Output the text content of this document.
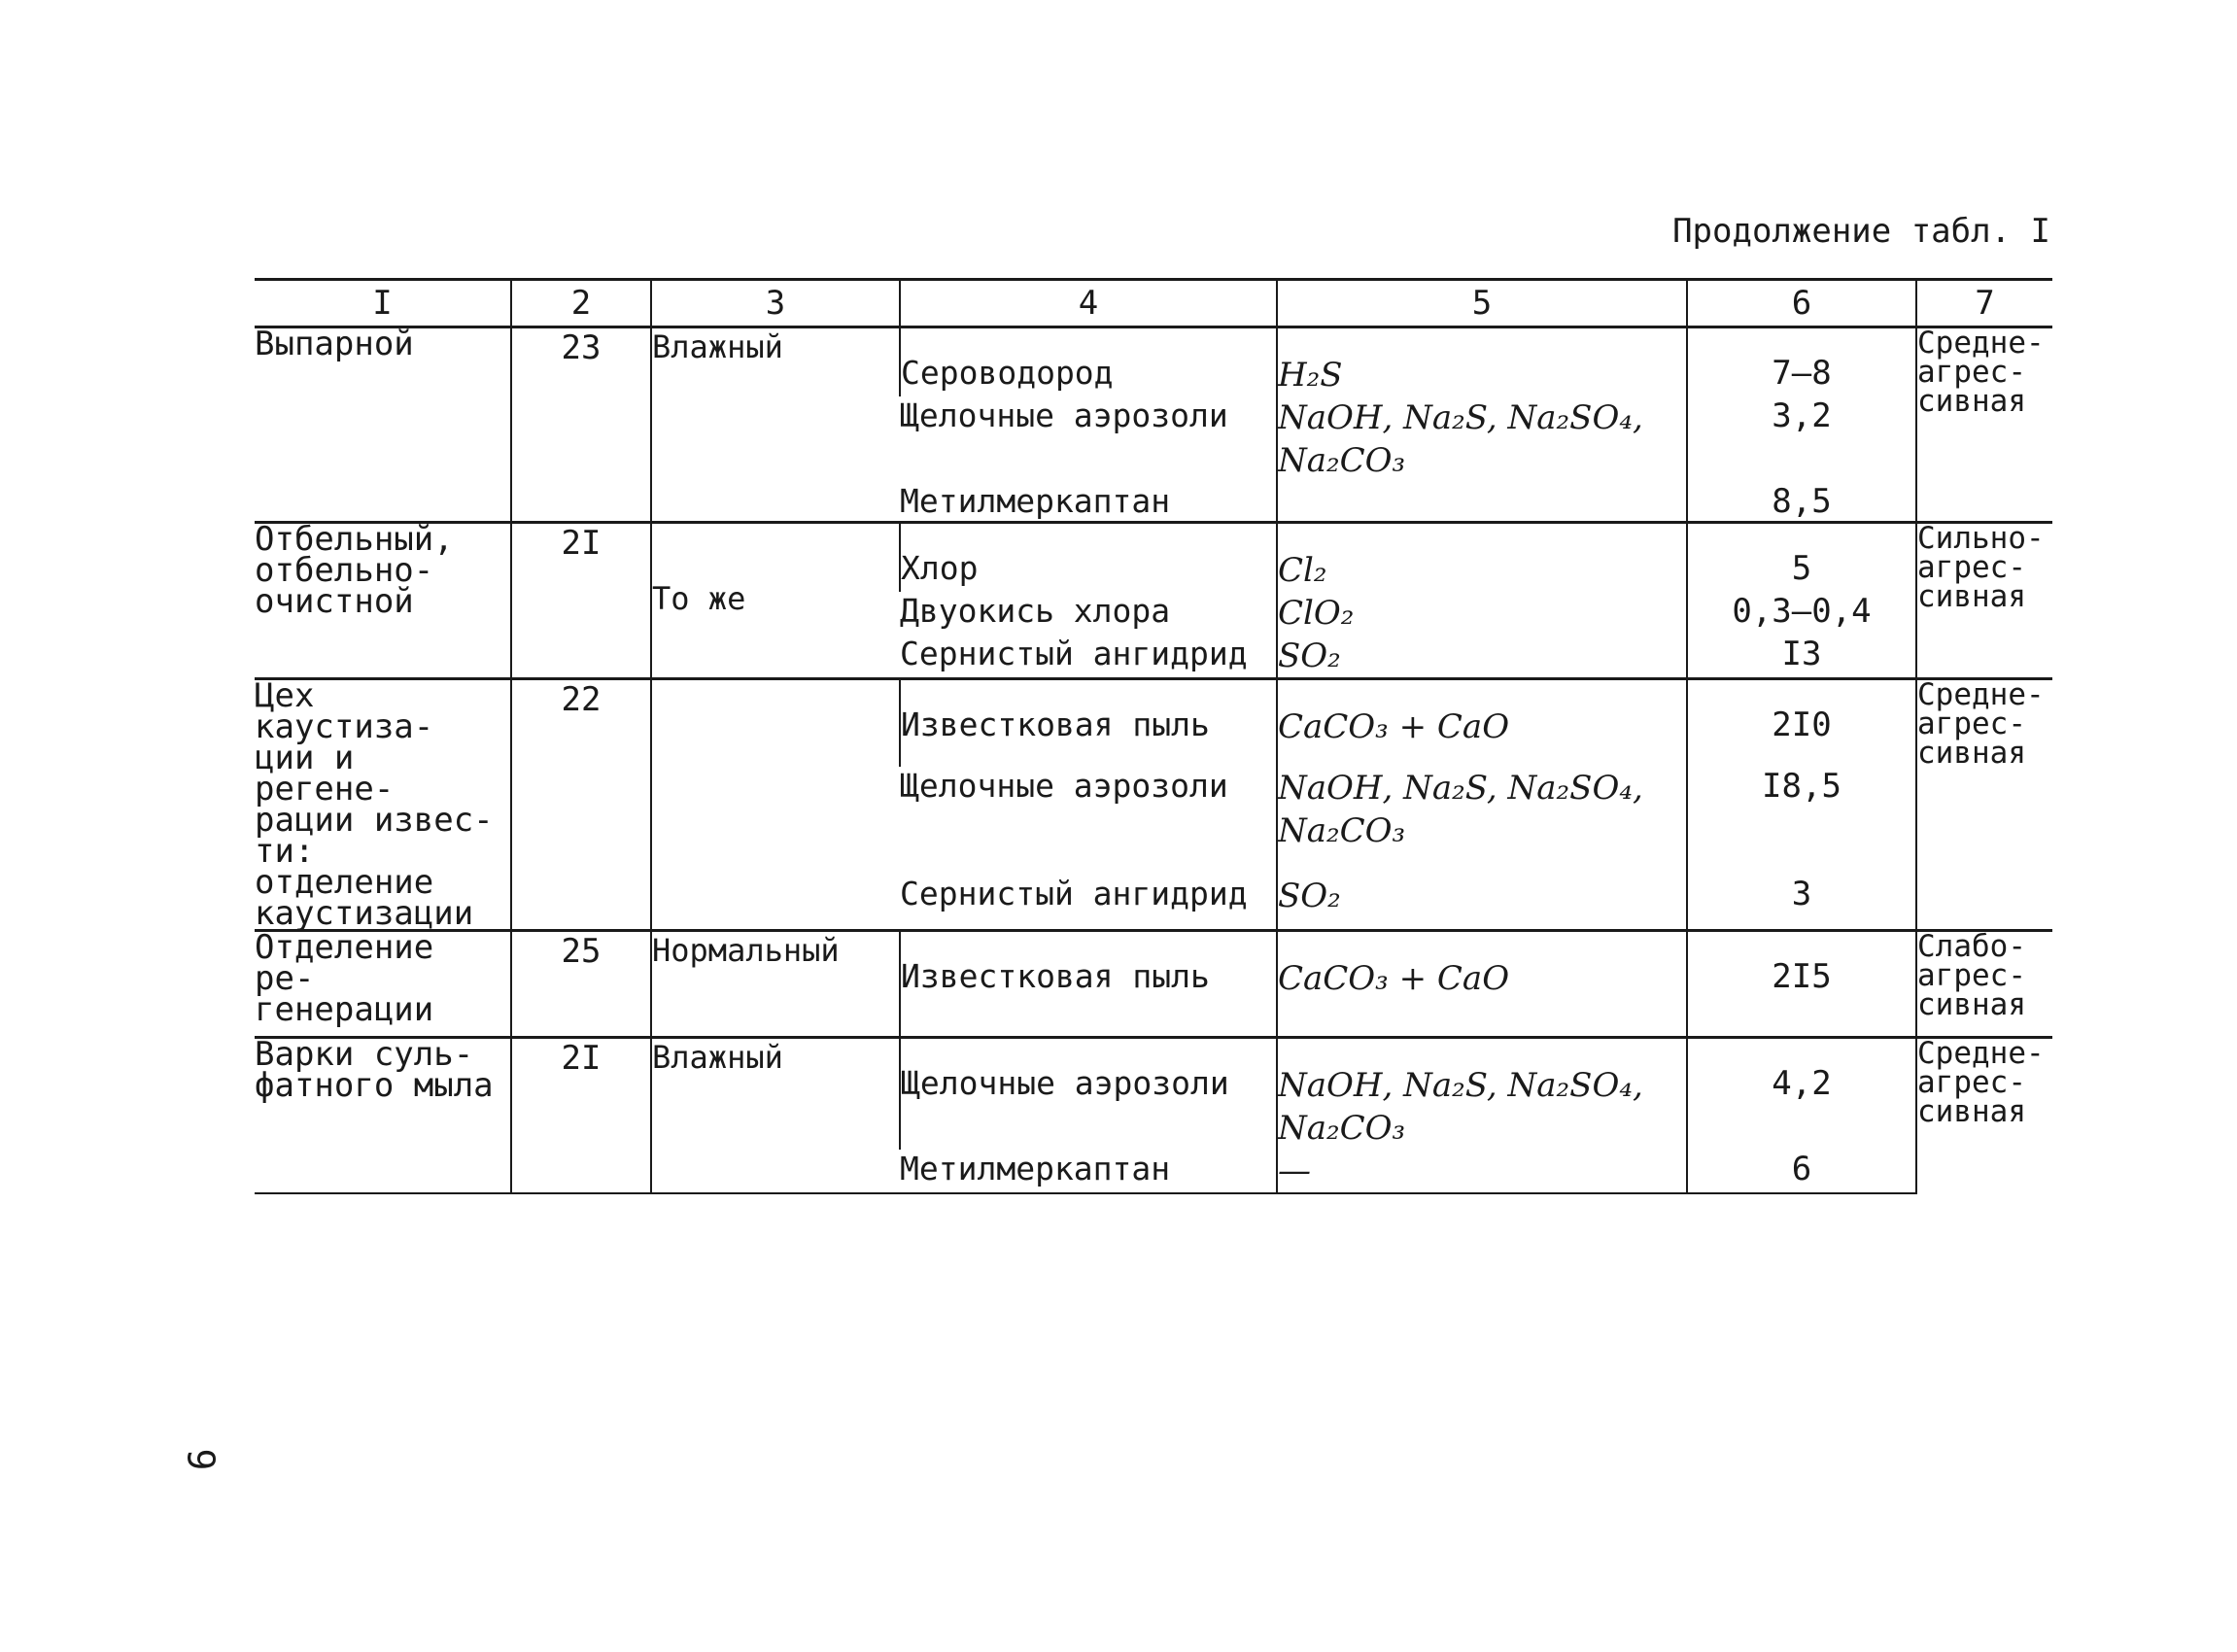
Продолжение табл. I
I	2	3	4	5	6	7
Выпарной	23	Влажный	Сероводород	H₂S	7–8	Средне-
агрес-
сивная
			Щелочные аэрозоли	NaOH, Na₂S, Na₂SO₄,
Na₂CO₃	3,2	
			Метилмеркаптан		8,5	
Отбельный,
отбельно-
очистной	2I	То же	Хлор	Cl₂	5	Сильно-
агрес-
сивная
			Двуокись хлора	ClO₂	0,3–0,4	
			Сернистый ангидрид	SO₂	I3	
Цех каустиза-
ции и регене-
рации извес-
ти: отделение
каустизации	22		Известковая пыль	CaCO₃ + CaO	2I0	Средне-
агрес-
сивная
			Щелочные аэрозоли	NaOH, Na₂S, Na₂SO₄,
Na₂CO₃	I8,5	
			Сернистый ангидрид	SO₂	3	
Отделение ре-
генерации	25	Нормальный	Известковая пыль	CaCO₃ + CaO	2I5	Слабо-
агрес-
сивная
Варки суль-
фатного мыла	2I	Влажный	Щелочные аэрозоли	NaOH, Na₂S, Na₂SO₄,
Na₂CO₃	4,2	Средне-
агрес-
сивная
			Метилмеркаптан	—	6	
9
